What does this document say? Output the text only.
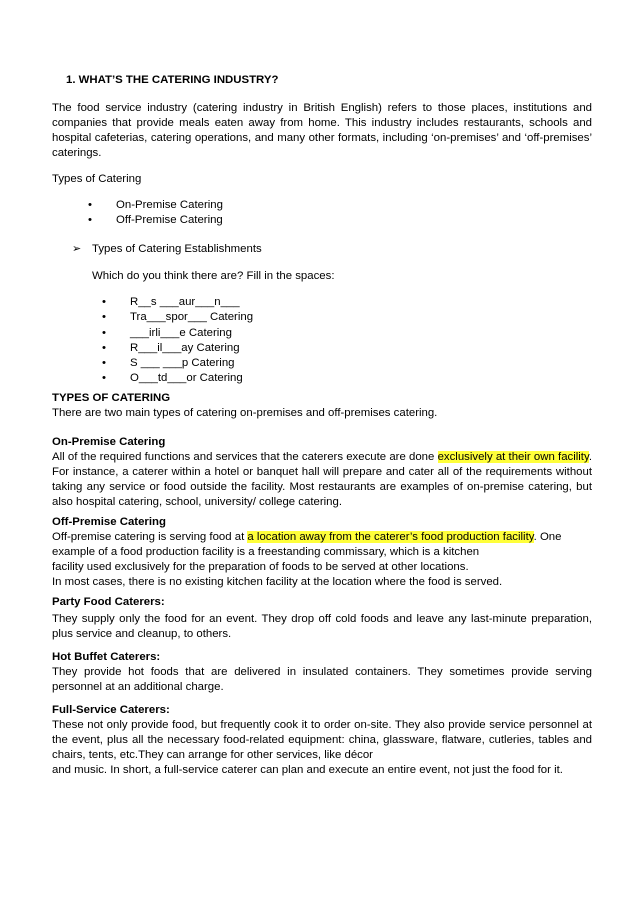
1. WHAT’S THE CATERING INDUSTRY?

The food service industry (catering industry in British English) refers to those places, institutions and companies that provide meals eaten away from home. This industry includes restaurants, schools and hospital cafeterias, catering operations, and many other formats, including ‘on-premises’ and ‘off-premises’ caterings.

Types of Catering
• On-Premise Catering
• Off-Premise Catering
➢ Types of Catering Establishments
Which do you think there are? Fill in the spaces:
• R__s ___aur___n___
• Tra___spor___ Catering
• ___irli___e Catering
• R___il___ay Catering
• S ___ ___p Catering
• O___td___or Catering

TYPES OF CATERING

There are two main types of catering on-premises and off-premises catering.

On-Premise Catering

All of the required functions and services that the caterers execute are done exclusively at their own facility. For instance, a caterer within a hotel or banquet hall will prepare and cater all of the requirements without taking any service or food outside the facility. Most restaurants are examples of on-premise catering, but also hospital catering, school, university/ college catering.

Off-Premise Catering

Off-premise catering is serving food at a location away from the caterer’s food production facility. One

example of a food production facility is a freestanding commissary, which is a kitchen
facility used exclusively for the preparation of foods to be served at other locations.
In most cases, there is no existing kitchen facility at the location where the food is served.

Party Food Caterers:

They supply only the food for an event. They drop off cold foods and leave any last-minute preparation, plus service and cleanup, to others.

Hot Buffet Caterers:

They provide hot foods that are delivered in insulated containers. They sometimes provide serving personnel at an additional charge.

Full-Service Caterers:

These not only provide food, but frequently cook it to order on-site. They also provide service personnel at the event, plus all the necessary food-related equipment: china, glassware, flatware, cutleries, tables and chairs, tents, etc.They can arrange for other services, like décor

and music. In short, a full-service caterer can plan and execute an entire event, not just the food for it.
